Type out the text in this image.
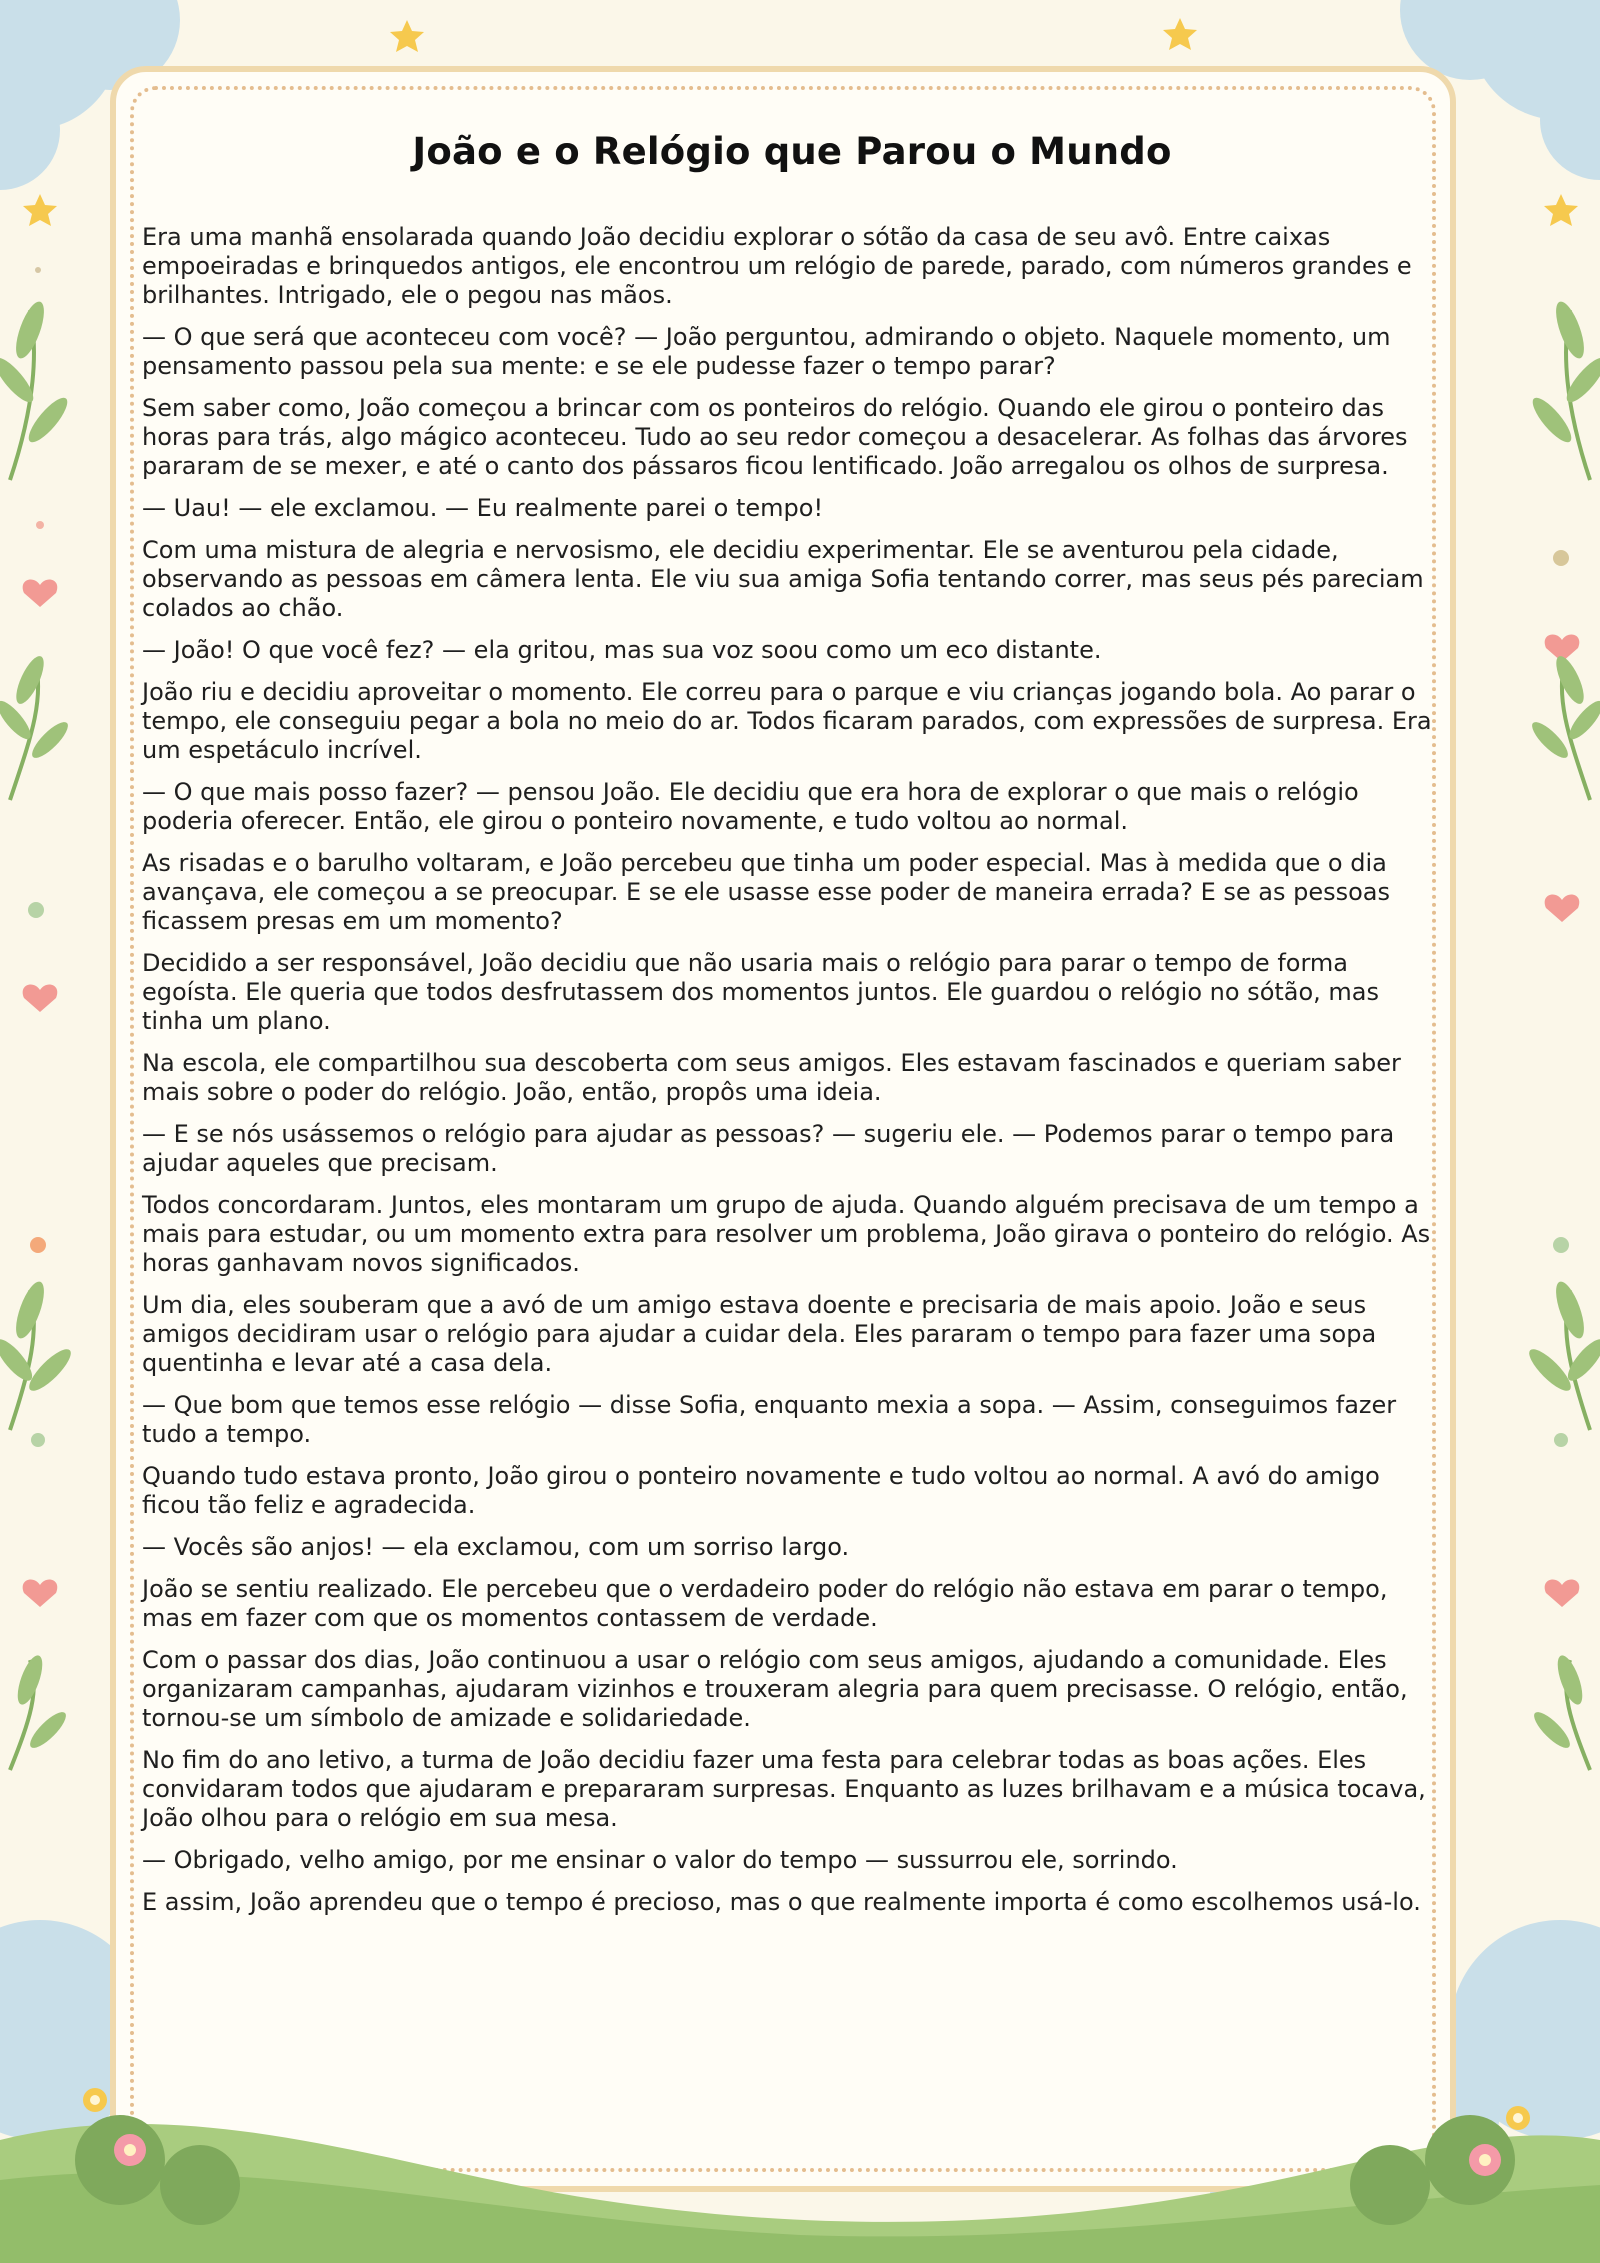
João e o Relógio que Parou o Mundo

Era uma manhã ensolarada quando João decidiu explorar o sótão da casa de seu avô. Entre caixas empoeiradas e brinquedos antigos, ele encontrou um relógio de parede, parado, com números grandes e brilhantes. Intrigado, ele o pegou nas mãos.

— O que será que aconteceu com você? — João perguntou, admirando o objeto. Naquele momento, um pensamento passou pela sua mente: e se ele pudesse fazer o tempo parar?

Sem saber como, João começou a brincar com os ponteiros do relógio. Quando ele girou o ponteiro das horas para trás, algo mágico aconteceu. Tudo ao seu redor começou a desacelerar. As folhas das árvores pararam de se mexer, e até o canto dos pássaros ficou lentificado. João arregalou os olhos de surpresa.

— Uau! — ele exclamou. — Eu realmente parei o tempo!

Com uma mistura de alegria e nervosismo, ele decidiu experimentar. Ele se aventurou pela cidade, observando as pessoas em câmera lenta. Ele viu sua amiga Sofia tentando correr, mas seus pés pareciam colados ao chão.

— João! O que você fez? — ela gritou, mas sua voz soou como um eco distante.

João riu e decidiu aproveitar o momento. Ele correu para o parque e viu crianças jogando bola. Ao parar o tempo, ele conseguiu pegar a bola no meio do ar. Todos ficaram parados, com expressões de surpresa. Era um espetáculo incrível.

— O que mais posso fazer? — pensou João. Ele decidiu que era hora de explorar o que mais o relógio poderia oferecer. Então, ele girou o ponteiro novamente, e tudo voltou ao normal.

As risadas e o barulho voltaram, e João percebeu que tinha um poder especial. Mas à medida que o dia avançava, ele começou a se preocupar. E se ele usasse esse poder de maneira errada? E se as pessoas ficassem presas em um momento?

Decidido a ser responsável, João decidiu que não usaria mais o relógio para parar o tempo de forma egoísta. Ele queria que todos desfrutassem dos momentos juntos. Ele guardou o relógio no sótão, mas tinha um plano.

Na escola, ele compartilhou sua descoberta com seus amigos. Eles estavam fascinados e queriam saber mais sobre o poder do relógio. João, então, propôs uma ideia.

— E se nós usássemos o relógio para ajudar as pessoas? — sugeriu ele. — Podemos parar o tempo para ajudar aqueles que precisam.

Todos concordaram. Juntos, eles montaram um grupo de ajuda. Quando alguém precisava de um tempo a mais para estudar, ou um momento extra para resolver um problema, João girava o ponteiro do relógio. As horas ganhavam novos significados.

Um dia, eles souberam que a avó de um amigo estava doente e precisaria de mais apoio. João e seus amigos decidiram usar o relógio para ajudar a cuidar dela. Eles pararam o tempo para fazer uma sopa quentinha e levar até a casa dela.

— Que bom que temos esse relógio — disse Sofia, enquanto mexia a sopa. — Assim, conseguimos fazer tudo a tempo.

Quando tudo estava pronto, João girou o ponteiro novamente e tudo voltou ao normal. A avó do amigo ficou tão feliz e agradecida.

— Vocês são anjos! — ela exclamou, com um sorriso largo.

João se sentiu realizado. Ele percebeu que o verdadeiro poder do relógio não estava em parar o tempo, mas em fazer com que os momentos contassem de verdade.

Com o passar dos dias, João continuou a usar o relógio com seus amigos, ajudando a comunidade. Eles organizaram campanhas, ajudaram vizinhos e trouxeram alegria para quem precisasse. O relógio, então, tornou-se um símbolo de amizade e solidariedade.

No fim do ano letivo, a turma de João decidiu fazer uma festa para celebrar todas as boas ações. Eles convidaram todos que ajudaram e prepararam surpresas. Enquanto as luzes brilhavam e a música tocava, João olhou para o relógio em sua mesa.

— Obrigado, velho amigo, por me ensinar o valor do tempo — sussurrou ele, sorrindo.

E assim, João aprendeu que o tempo é precioso, mas o que realmente importa é como escolhemos usá-lo.
